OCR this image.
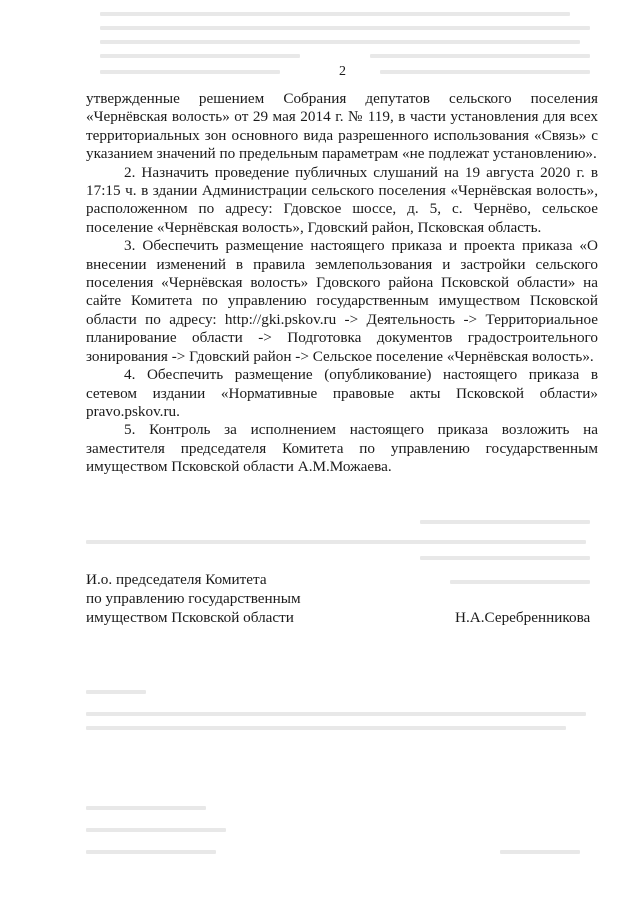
2

утвержденные решением Собрания депутатов сельского поселения «Чернёвская волость» от 29 мая 2014 г. № 119, в части установления для всех территориальных зон основного вида разрешенного использования «Связь» с указанием значений по предельным параметрам «не подлежат установлению».

2. Назначить проведение публичных слушаний на 19 августа 2020 г. в 17:15 ч. в здании Администрации сельского поселения «Чернёвская волость», расположенном по адресу: Гдовское шоссе, д. 5, с. Чернёво, сельское поселение «Чернёвская волость», Гдовский район, Псковская область.

3. Обеспечить размещение настоящего приказа и проекта приказа «О внесении изменений в правила землепользования и застройки сельского поселения «Чернёвская волость» Гдовского района Псковской области» на сайте Комитета по управлению государственным имуществом Псковской области по адресу: http://gki.pskov.ru -> Деятельность -> Территориальное планирование области -> Подготовка документов градостроительного зонирования -> Гдовский район -> Сельское поселение «Чернёвская волость».

4. Обеспечить размещение (опубликование) настоящего приказа в сетевом издании «Нормативные правовые акты Псковской области» pravo.pskov.ru.

5. Контроль за исполнением настоящего приказа возложить на заместителя председателя Комитета по управлению государственным имуществом Псковской области А.М.Можаева.

И.о. председателя Комитета
по управлению государственным
имуществом Псковской области	Н.А.Серебренникова
